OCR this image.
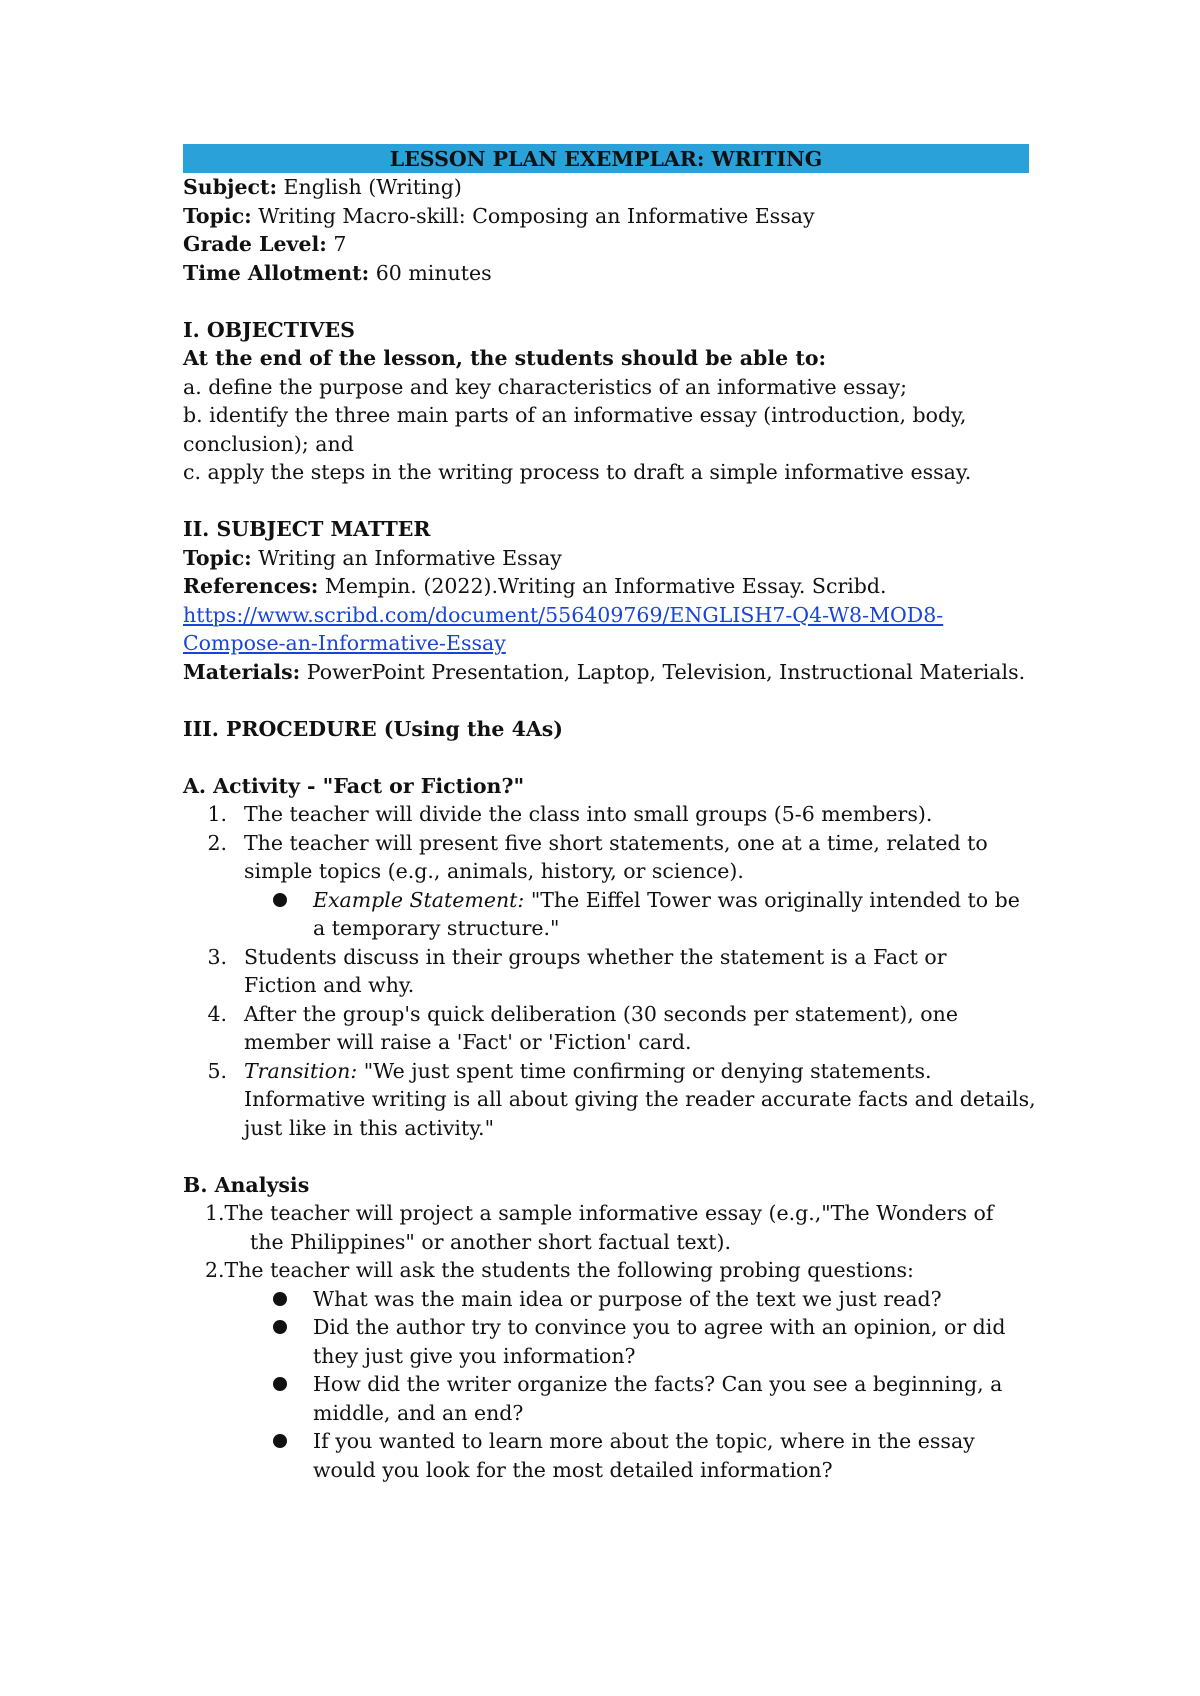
LESSON PLAN EXEMPLAR: WRITING
Subject: English (Writing)
Topic: Writing Macro-skill: Composing an Informative Essay
Grade Level: 7
Time Allotment: 60 minutes
I. OBJECTIVES
At the end of the lesson, the students should be able to:
a. define the purpose and key characteristics of an informative essay;
b. identify the three main parts of an informative essay (introduction, body,
conclusion); and
c. apply the steps in the writing process to draft a simple informative essay.
II. SUBJECT MATTER
Topic: Writing an Informative Essay
References: Mempin. (2022).Writing an Informative Essay. Scribd.
https://www.scribd.com/document/556409769/ENGLISH7-Q4-W8-MOD8-
Compose-an-Informative-Essay
Materials: PowerPoint Presentation, Laptop, Television, Instructional Materials.
III. PROCEDURE (Using the 4As)
A. Activity - "Fact or Fiction?"
1. The teacher will divide the class into small groups (5-6 members).
2. The teacher will present five short statements, one at a time, related to
simple topics (e.g., animals, history, or science).
Example Statement: "The Eiffel Tower was originally intended to be
a temporary structure."
3. Students discuss in their groups whether the statement is a Fact or
Fiction and why.
4. After the group's quick deliberation (30 seconds per statement), one
member will raise a 'Fact' or 'Fiction' card.
5. Transition: "We just spent time confirming or denying statements.
Informative writing is all about giving the reader accurate facts and details,
just like in this activity."
B. Analysis
1.The teacher will project a sample informative essay (e.g.,"The Wonders of
the Philippines" or another short factual text).
2.The teacher will ask the students the following probing questions:
What was the main idea or purpose of the text we just read?
Did the author try to convince you to agree with an opinion, or did
they just give you information?
How did the writer organize the facts? Can you see a beginning, a
middle, and an end?
If you wanted to learn more about the topic, where in the essay
would you look for the most detailed information?
